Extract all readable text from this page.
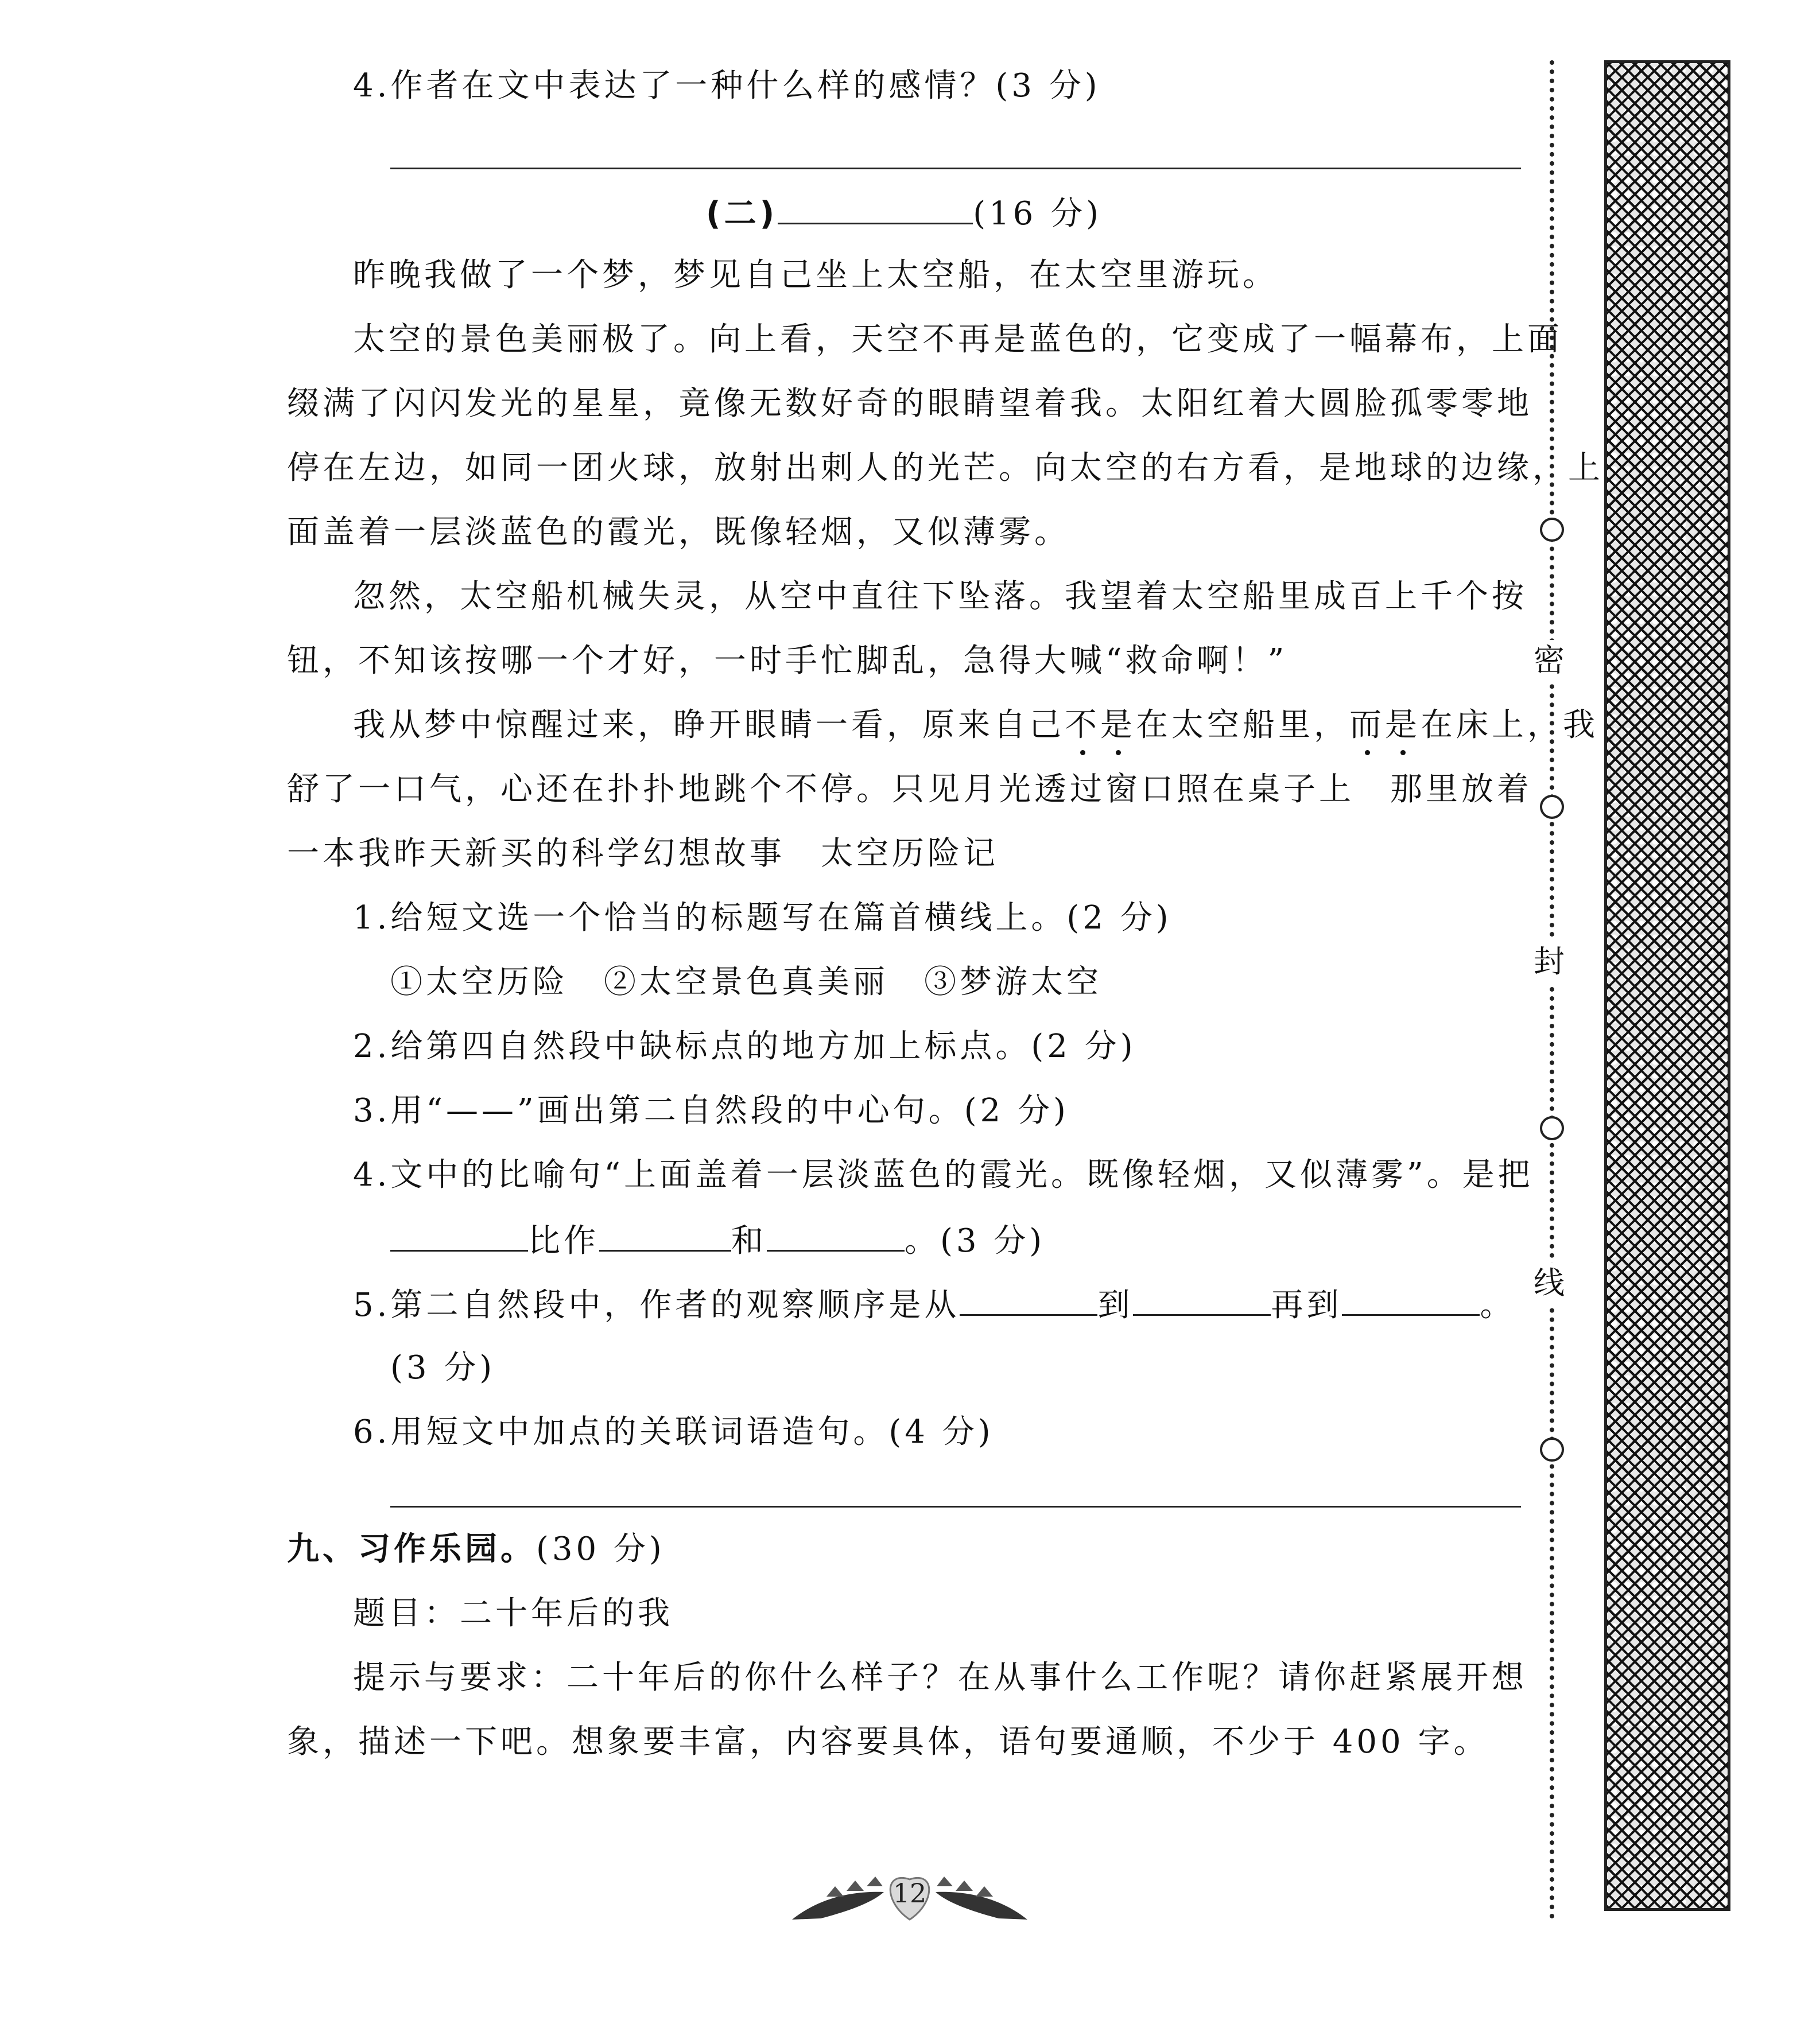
4.作者在文中表达了一种什么样的感情？(3 分)
(二)	(16 分)
昨晚我做了一个梦，梦见自己坐上太空船，在太空里游玩。
太空的景色美丽极了。向上看，天空不再是蓝色的，它变成了一幅幕布，上面
缀满了闪闪发光的星星，竟像无数好奇的眼睛望着我。太阳红着大圆脸孤零零地
停在左边，如同一团火球，放射出刺人的光芒。向太空的右方看，是地球的边缘，上
面盖着一层淡蓝色的霞光，既像轻烟，又似薄雾。
忽然，太空船机械失灵，从空中直往下坠落。我望着太空船里成百上千个按
钮，不知该按哪一个才好，一时手忙脚乱，急得大喊“救命啊！”
我从梦中惊醒过来，睁开眼睛一看，原来自己不是在太空船里，而是在床上，我
舒了一口气，心还在扑扑地跳个不停。只见月光透过窗口照在桌子上　那里放着
一本我昨天新买的科学幻想故事　太空历险记
1.给短文选一个恰当的标题写在篇首横线上。(2 分)
①太空历险　②太空景色真美丽　③梦游太空
2.给第四自然段中缺标点的地方加上标点。(2 分)
3.用“——”画出第二自然段的中心句。(2 分)
4.文中的比喻句“上面盖着一层淡蓝色的霞光。既像轻烟，又似薄雾”。是把
比作	和	。(3 分)
5.第二自然段中，作者的观察顺序是从	到	再到	。
(3 分)
6.用短文中加点的关联词语造句。(4 分)
九、习作乐园。(30 分)
题目：二十年后的我
提示与要求：二十年后的你什么样子？在从事什么工作呢？请你赶紧展开想
象，描述一下吧。想象要丰富，内容要具体，语句要通顺，不少于 400 字。
密
封
线
12
